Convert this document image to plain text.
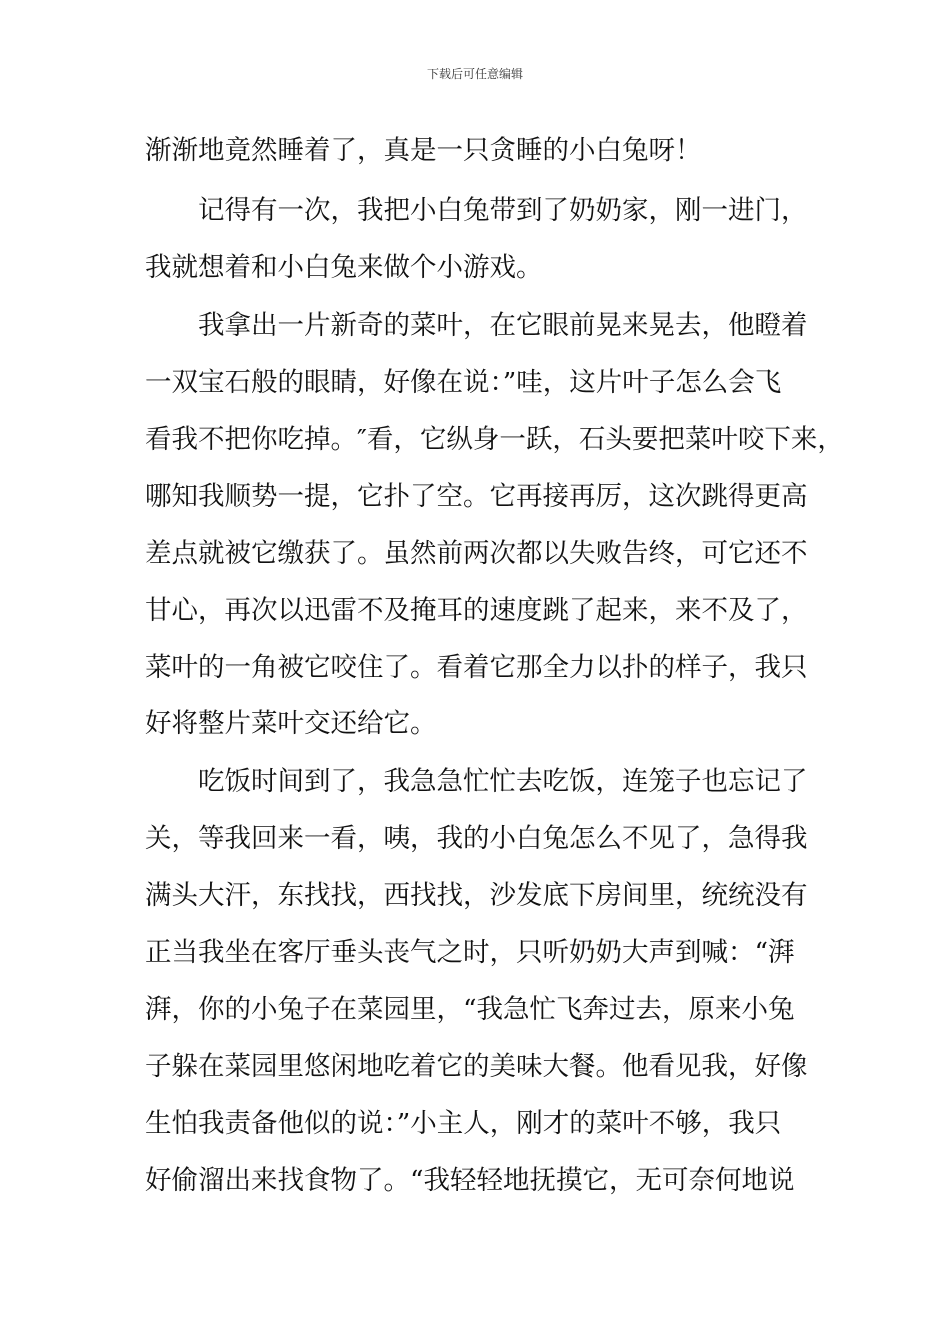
下载后可任意编辑
渐渐地竟然睡着了，真是一只贪睡的小白兔呀！
记得有一次，我把小白兔带到了奶奶家，刚一进门，
我就想着和小白兔来做个小游戏。
我拿出一片新奇的菜叶，在它眼前晃来晃去，他瞪着
一双宝石般的眼睛，好像在说：”哇，这片叶子怎么会飞
看我不把你吃掉。″看，它纵身一跃，石头要把菜叶咬下来，
哪知我顺势一提，它扑了空。它再接再厉，这次跳得更高
差点就被它缴获了。虽然前两次都以失败告终，可它还不
甘心，再次以迅雷不及掩耳的速度跳了起来，来不及了，
菜叶的一角被它咬住了。看着它那全力以扑的样子，我只
好将整片菜叶交还给它。
吃饭时间到了，我急急忙忙去吃饭，连笼子也忘记了
关，等我回来一看，咦，我的小白兔怎么不见了，急得我
满头大汗，东找找，西找找，沙发底下房间里，统统没有
正当我坐在客厅垂头丧气之时，只听奶奶大声到喊：“湃
湃，你的小兔子在菜园里，“我急忙飞奔过去，原来小兔
子躲在菜园里悠闲地吃着它的美味大餐。他看见我，好像
生怕我责备他似的说：”小主人，刚才的菜叶不够，我只
好偷溜出来找食物了。“我轻轻地抚摸它，无可奈何地说
